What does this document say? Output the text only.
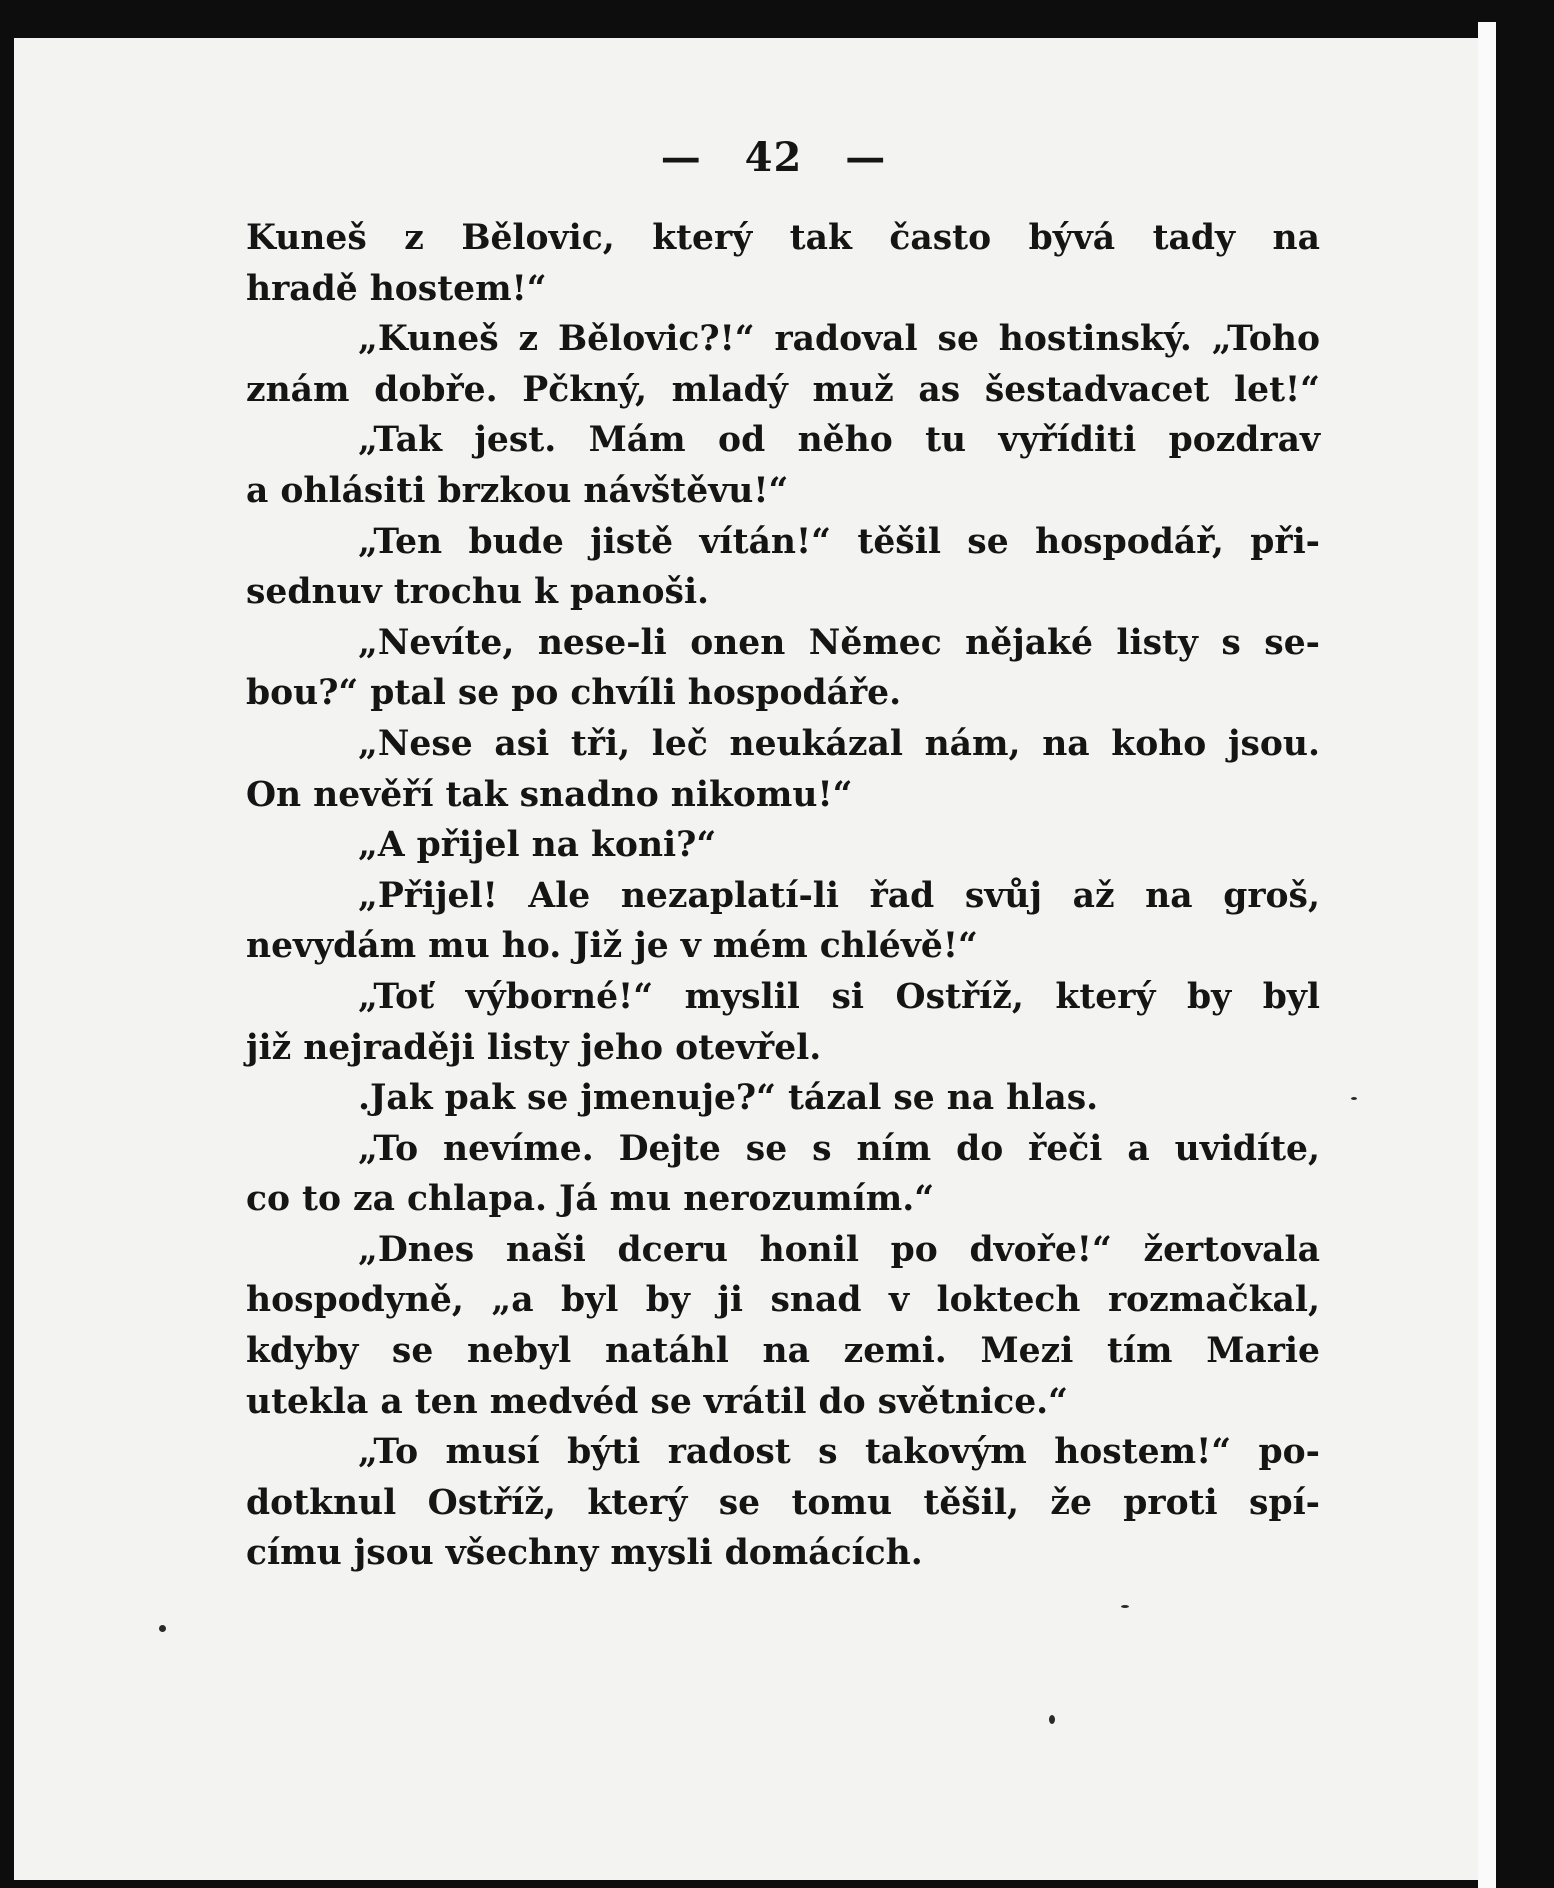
— 42 —
Kuneš z Bělovic, který tak často bývá tady na
hradě hostem!“
„Kuneš z Bělovic?!“ radoval se hostinský. „Toho
znám dobře. Pčkný, mladý muž as šestadvacet let!“
„Tak jest. Mám od něho tu vyříditi pozdrav
a ohlásiti brzkou návštěvu!“
„Ten bude jistě vítán!“ těšil se hospodář, při-
sednuv trochu k panoši.
„Nevíte, nese-li onen Němec nějaké listy s se-
bou?“ ptal se po chvíli hospodáře.
„Nese asi tři, leč neukázal nám, na koho jsou.
On nevěří tak snadno nikomu!“
„A přijel na koni?“
„Přijel! Ale nezaplatí-li řad svůj až na groš,
nevydám mu ho. Již je v mém chlévě!“
„Toť výborné!“ myslil si Ostříž, který by byl
již nejraději listy jeho otevřel.
.Jak pak se jmenuje?“ tázal se na hlas.
„To nevíme. Dejte se s ním do řeči a uvidíte,
co to za chlapa. Já mu nerozumím.“
„Dnes naši dceru honil po dvoře!“ žertovala
hospodyně, „a byl by ji snad v loktech rozmačkal,
kdyby se nebyl natáhl na zemi. Mezi tím Marie
utekla a ten medvéd se vrátil do světnice.“
„To musí býti radost s takovým hostem!“ po-
dotknul Ostříž, který se tomu těšil, že proti spí-
címu jsou všechny mysli domácích.
